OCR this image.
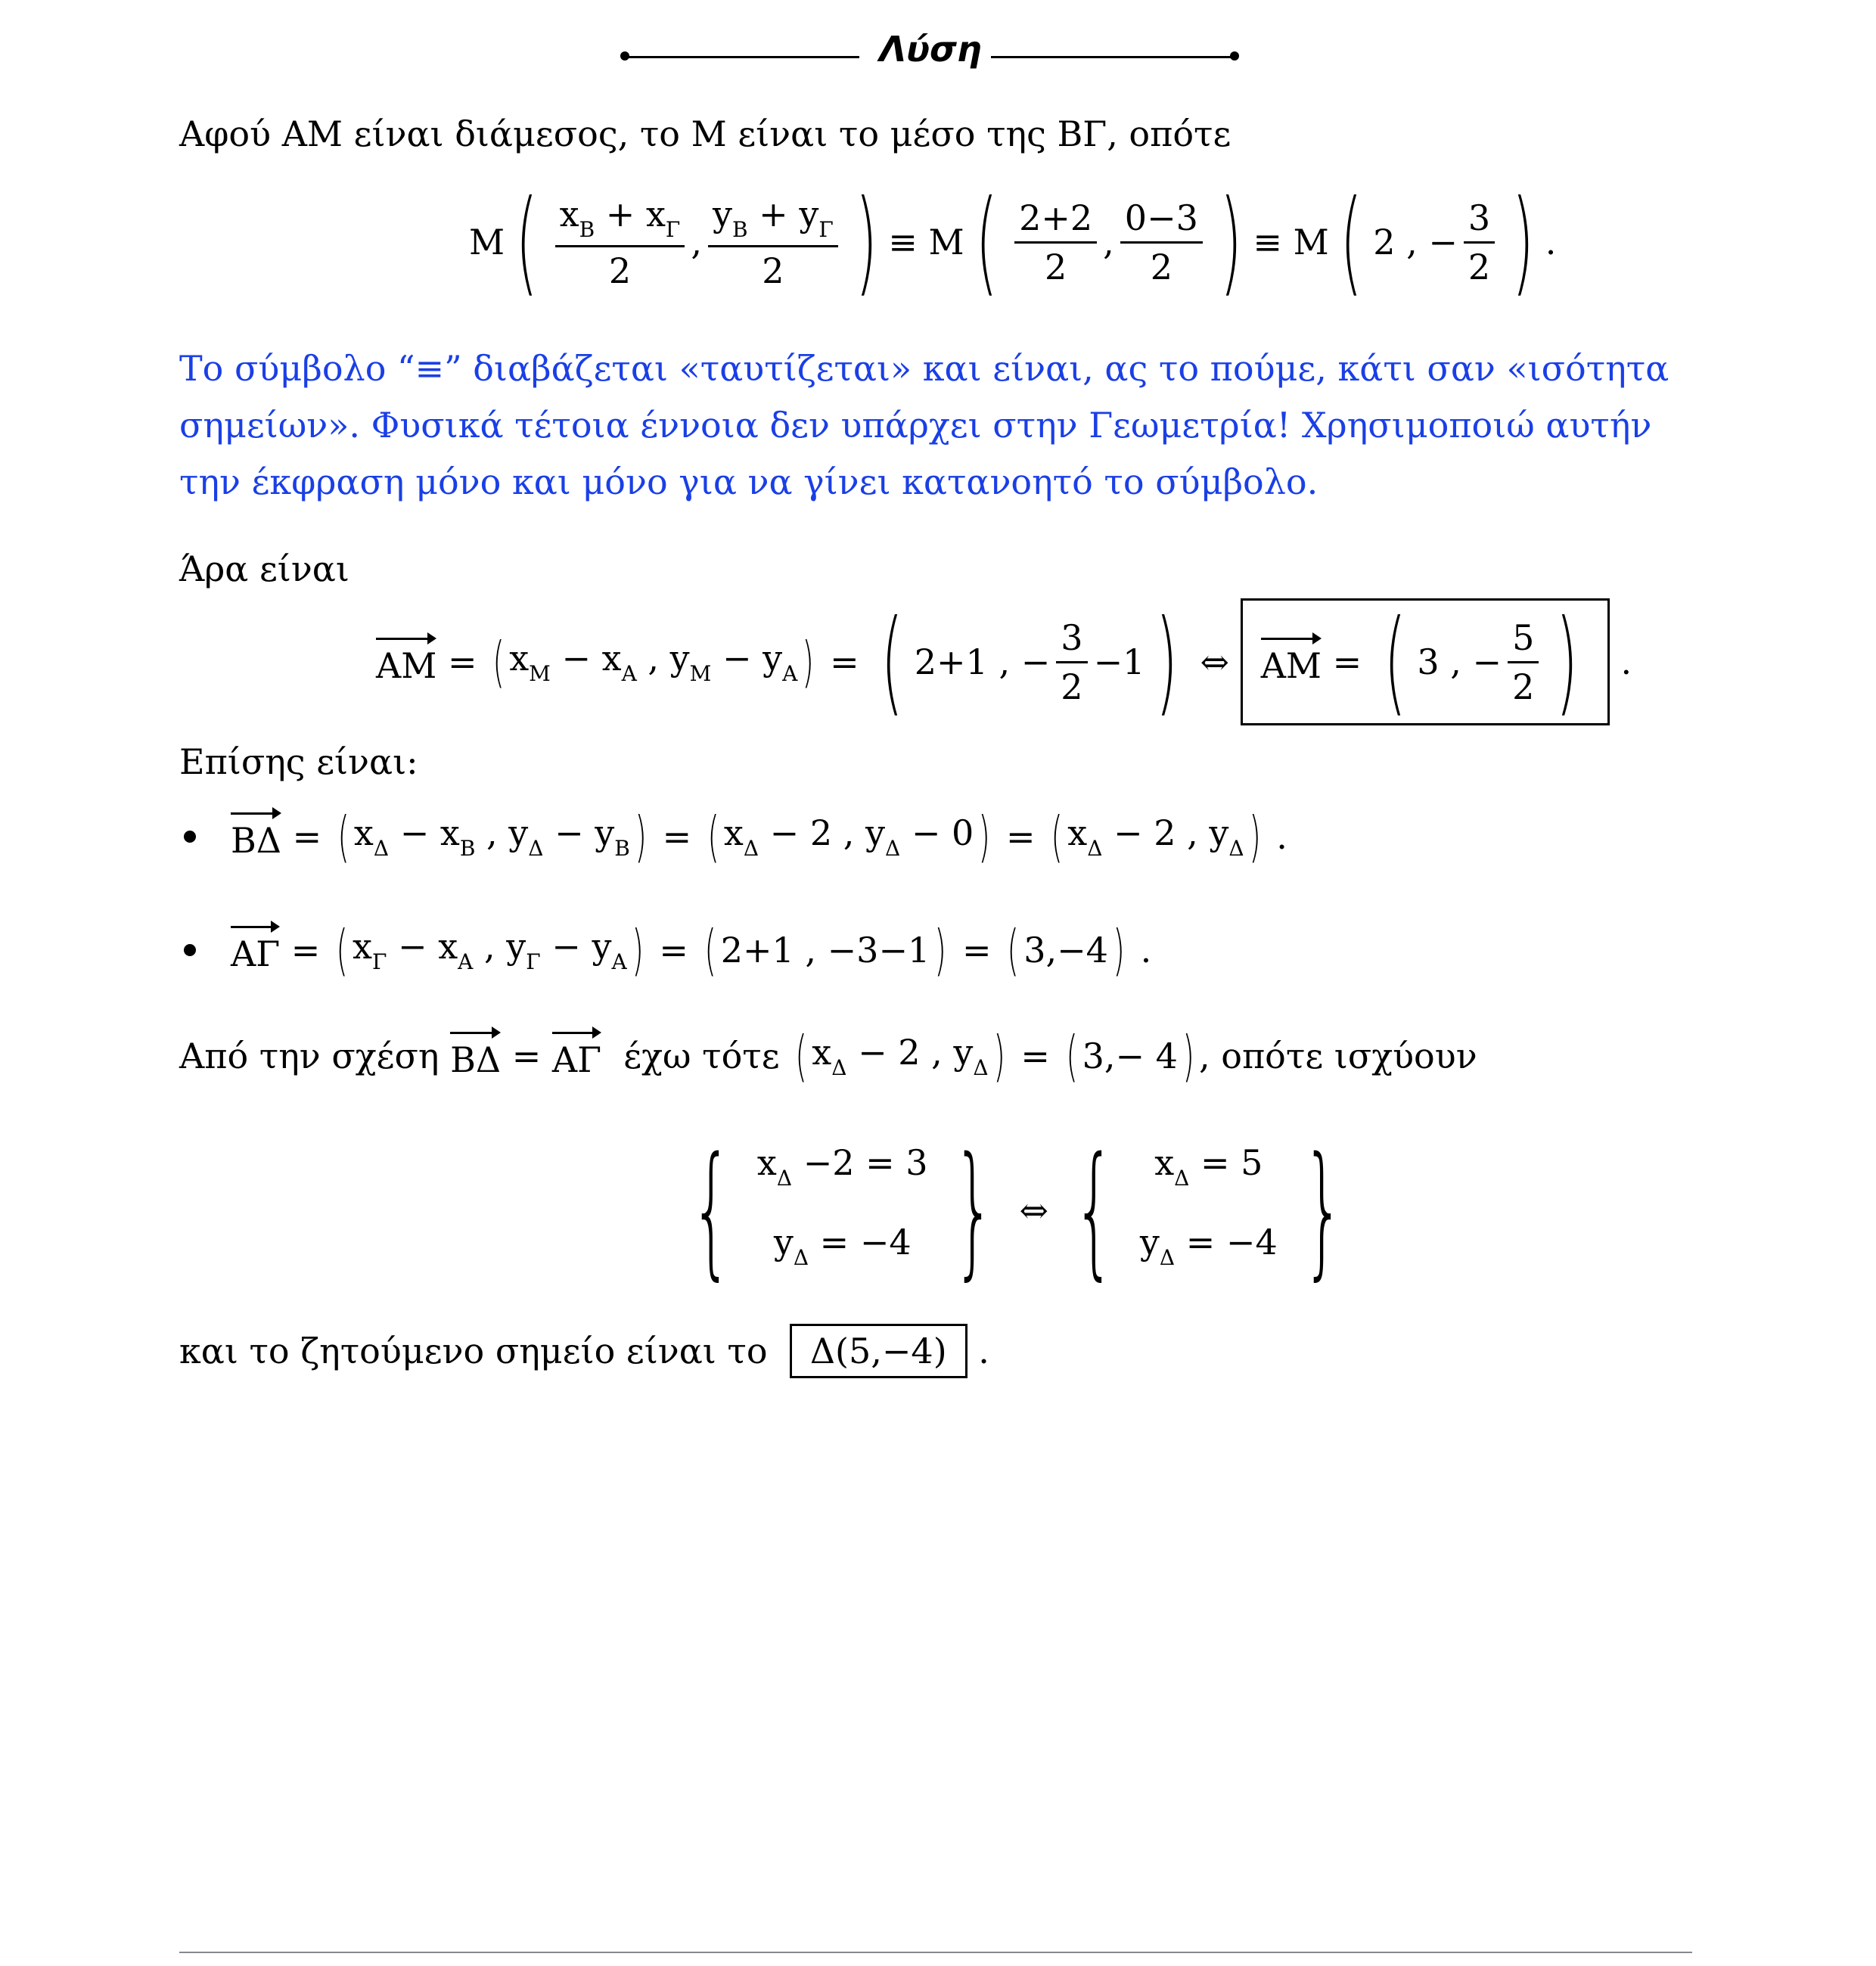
Λύση
Αφού ΑΜ είναι διάμεσος, το Μ είναι το μέσο της ΒΓ, οπότε
Μ ( $\frac{x_B + x_\Gamma}{2}$ , $\frac{y_B + y_\Gamma}{2}$ ) ≡ Μ ( $\frac{2+2}{2}$ , $\frac{0-3}{2}$ ) ≡ Μ ( 2 , − $\frac{3}{2}$ ) .
Το σύμβολο “≡” διαβάζεται «ταυτίζεται» και είναι, ας το πούμε, κάτι σαν «ισότητα σημείων». Φυσικά τέτοια έννοια δεν υπάρχει στην Γεωμετρία! Χρησιμοποιώ αυτήν την έκφραση μόνο και μόνο για να γίνει κατανοητό το σύμβολο.
Άρα είναι
ΑΜ = ( $x_M - x_A$ , $y_M - y_A$ ) = ( 2+1 , − $\frac{3}{2} -1$ ) ⇔ ΑΜ = ( 3 , − $\frac{5}{2}$ ) .
Επίσης είναι:
ΒΔ = ( $x_\Delta - x_B$ , $y_\Delta - y_B$ ) = ( $x_\Delta - 2$ , $y_\Delta - 0$ ) = ( $x_\Delta - 2$ , $y_\Delta$ ) .
ΑΓ = ( $x_\Gamma - x_A$ , $y_\Gamma - y_A$ ) = ( 2+1 , −3−1 ) = ( 3,−4 ) .
Από την σχέση
ΒΔ = ΑΓ
έχω τότε
( $x_\Delta - 2$ , $y_\Delta$ ) = ( 3,− 4 ) , οπότε ισχύουν
{ $x_\Delta -2 = 3$
$y_\Delta = -4$ } ⇔ { $x_\Delta = 5$
$y_\Delta = -4$ }
και το ζητούμενο σημείο είναι το
Δ(5,−4) .
